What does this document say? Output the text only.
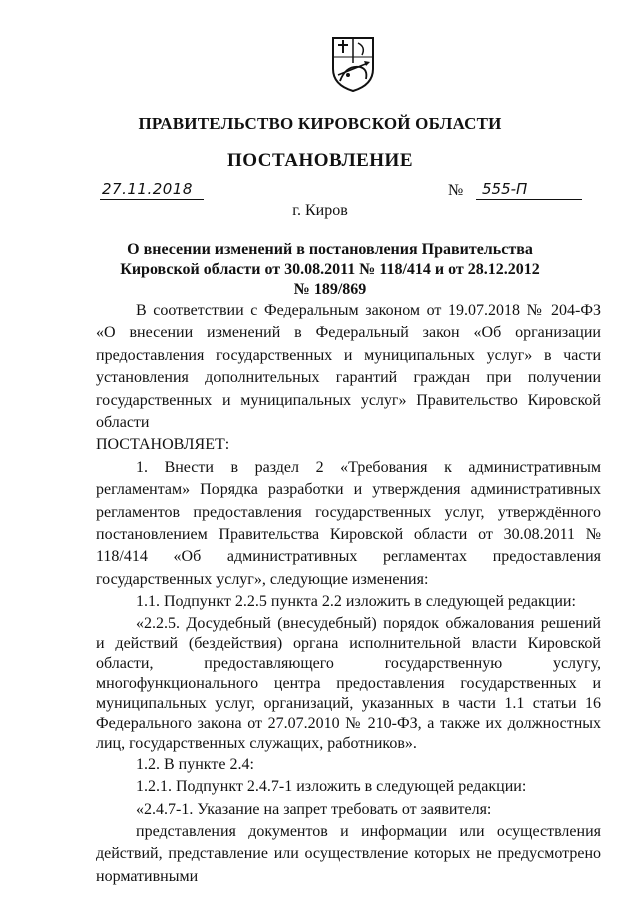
ПРАВИТЕЛЬСТВО КИРОВСКОЙ ОБЛАСТИ
ПОСТАНОВЛЕНИЕ
27.11.2018	№	555-П
г. Киров
О внесении изменений в постановления Правительства Кировской области от 30.08.2011 № 118/414 и от 28.12.2012 № 189/869

В соответствии с Федеральным законом от 19.07.2018 № 204-ФЗ «О внесении изменений в Федеральный закон «Об организации предоставления государственных и муниципальных услуг» в части установления дополнительных гарантий граждан при получении государственных и муниципальных услуг» Правительство Кировской области

ПОСТАНОВЛЯЕТ:

1. Внести в раздел 2 «Требования к административным регламентам» Порядка разработки и утверждения административных регламентов предоставления государственных услуг, утверждённого постановлением Правительства Кировской области от 30.08.2011 № 118/414 «Об административных регламентах предоставления государственных услуг», следующие изменения:

1.1. Подпункт 2.2.5 пункта 2.2 изложить в следующей редакции:

«2.2.5. Досудебный (внесудебный) порядок обжалования решений и действий (бездействия) органа исполнительной власти Кировской области, предоставляющего государственную услугу, многофункционального центра предоставления государственных и муниципальных услуг, организаций, указанных в части 1.1 статьи 16 Федерального закона от 27.07.2010 № 210-ФЗ, а также их должностных лиц, государственных служащих, работников».

1.2. В пункте 2.4:

1.2.1. Подпункт 2.4.7-1 изложить в следующей редакции:

«2.4.7-1. Указание на запрет требовать от заявителя:

представления документов и информации или осуществления действий, представление или осуществление которых не предусмотрено нормативными
